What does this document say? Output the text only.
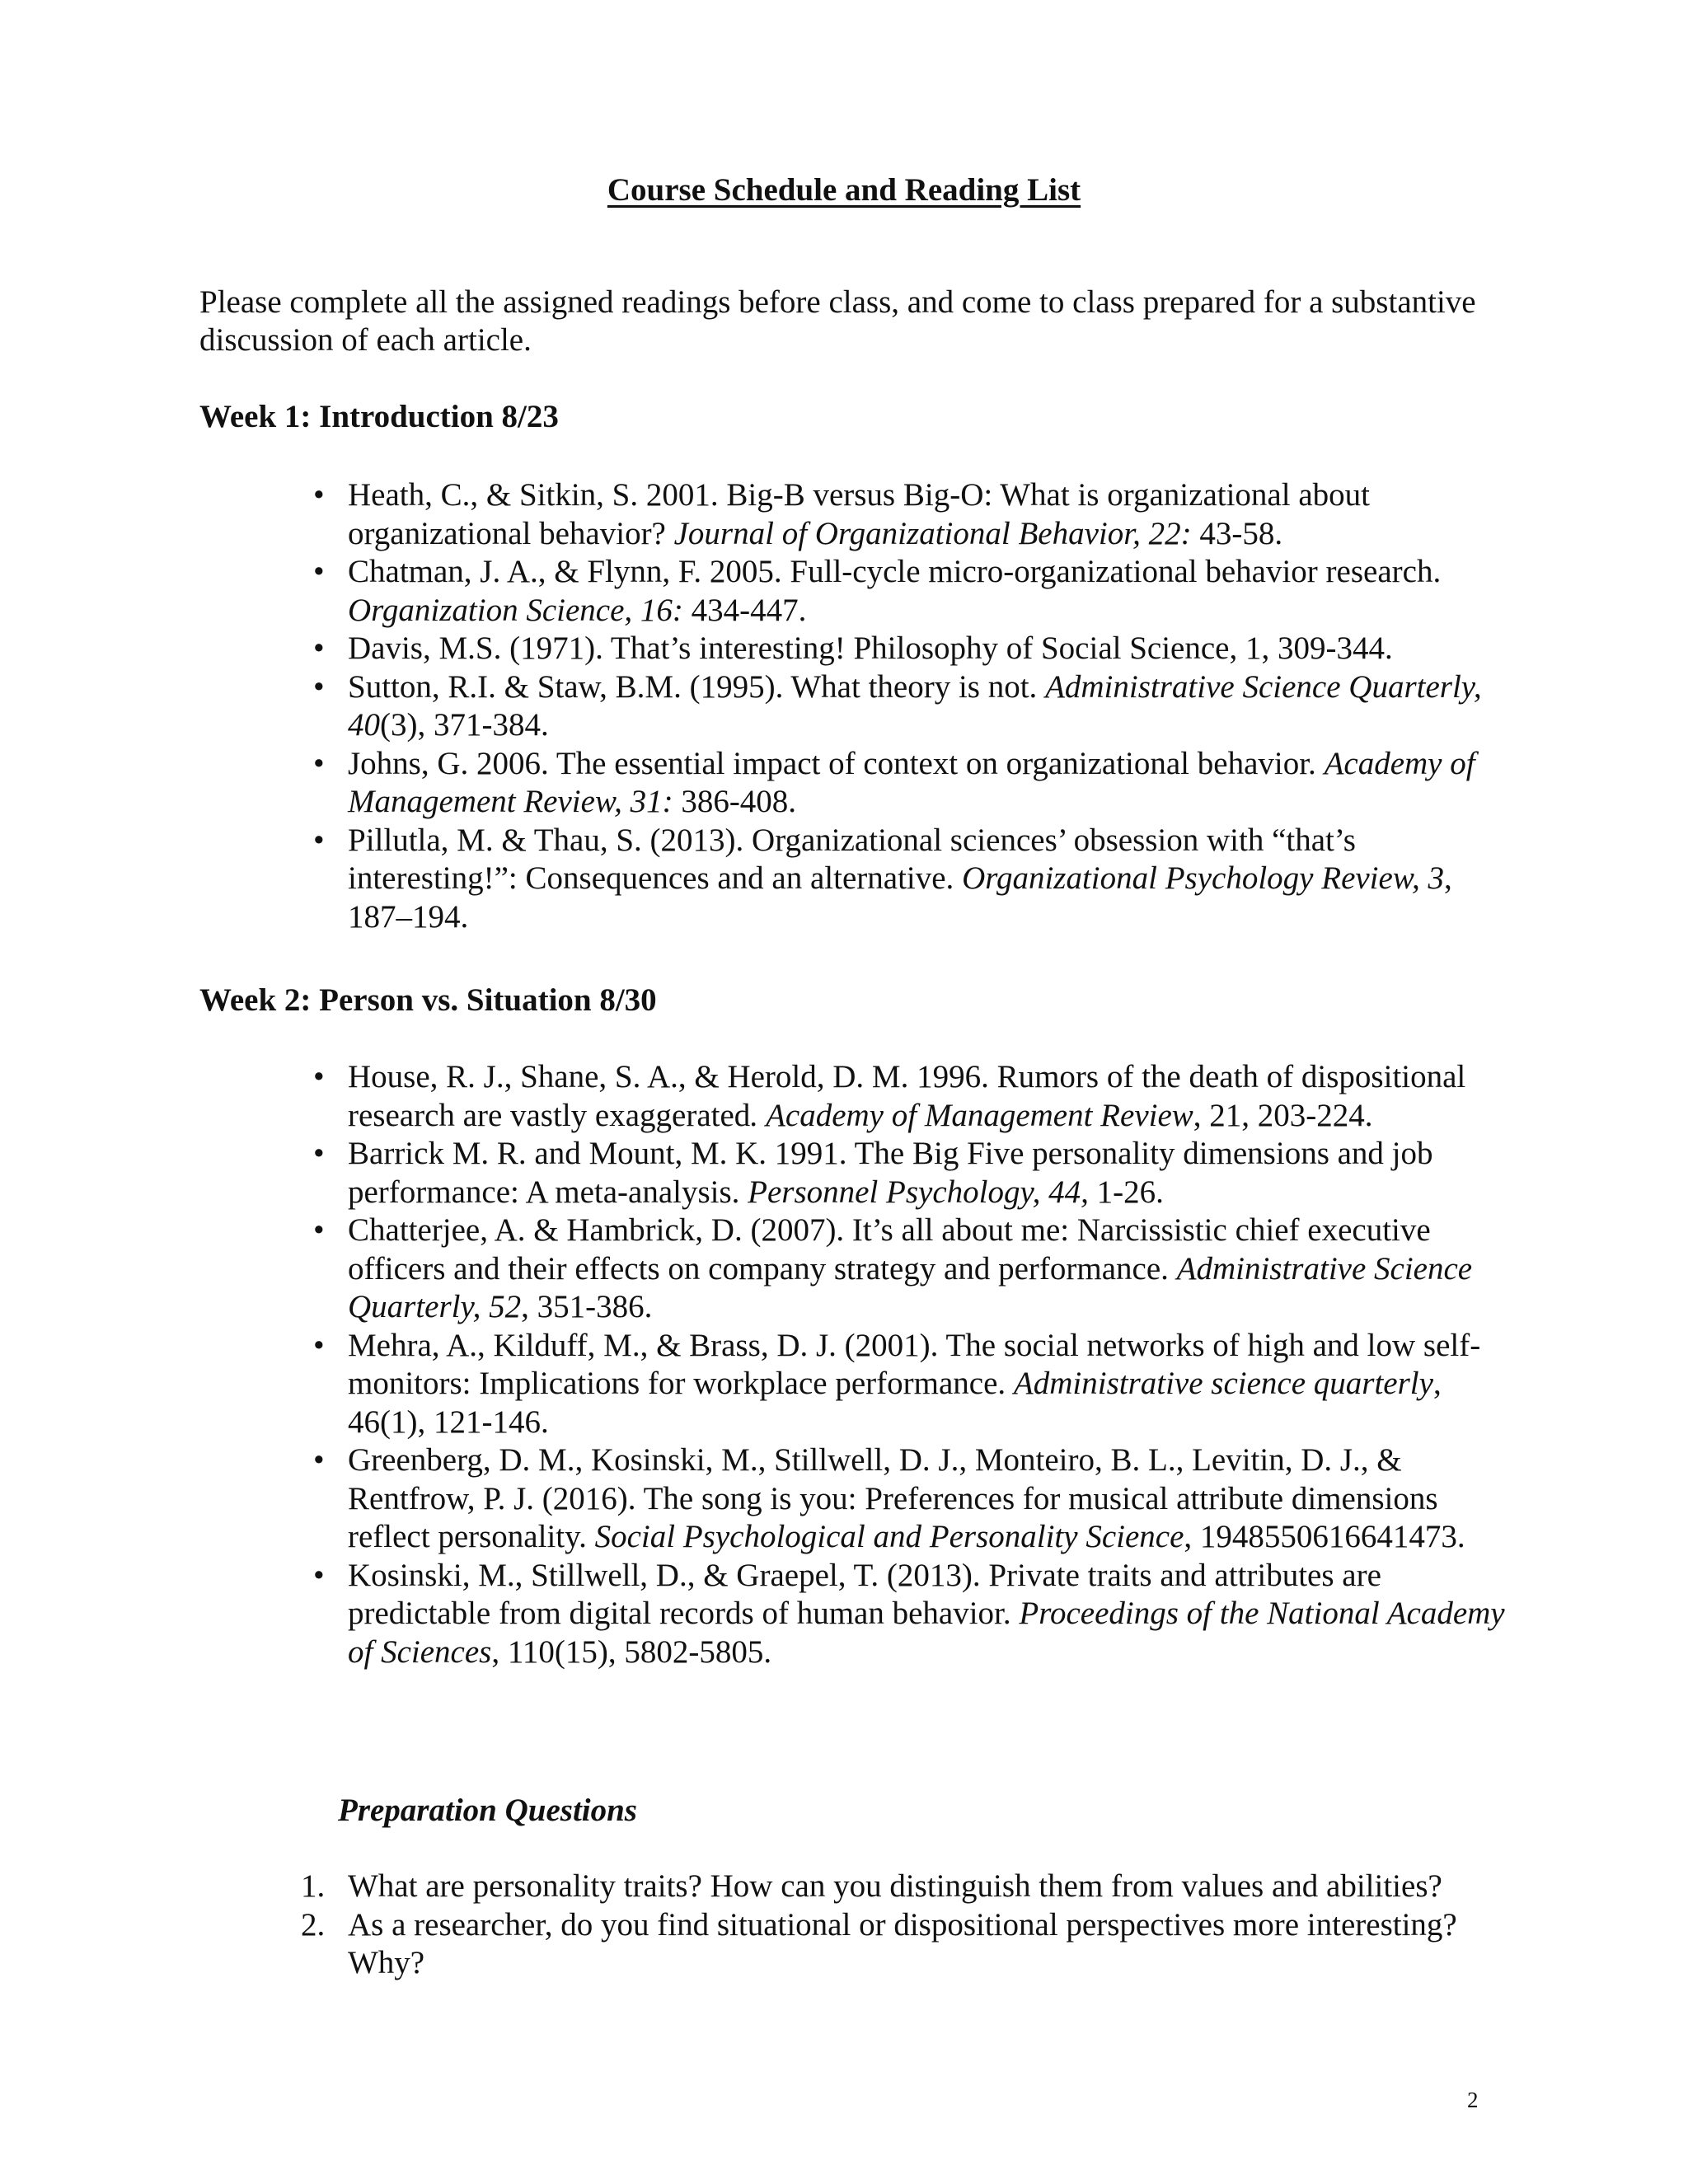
Course Schedule and Reading List
Please complete all the assigned readings before class, and come to class prepared for a substantive discussion of each article.
Week 1: Introduction 8/23
• Heath, C., & Sitkin, S. 2001. Big-B versus Big-O: What is organizational about organizational behavior? Journal of Organizational Behavior, 22: 43-58.
• Chatman, J. A., & Flynn, F. 2005. Full-cycle micro-organizational behavior research. Organization Science, 16: 434-447.
• Davis, M.S. (1971). That’s interesting! Philosophy of Social Science, 1, 309-344.
• Sutton, R.I. & Staw, B.M. (1995). What theory is not. Administrative Science Quarterly, 40(3), 371-384.
• Johns, G. 2006. The essential impact of context on organizational behavior. Academy of Management Review, 31: 386-408.
• Pillutla, M. & Thau, S. (2013). Organizational sciences’ obsession with “that’s interesting!”: Consequences and an alternative. Organizational Psychology Review, 3, 187–194.
Week 2: Person vs. Situation 8/30
• House, R. J., Shane, S. A., & Herold, D. M. 1996. Rumors of the death of dispositional research are vastly exaggerated. Academy of Management Review, 21, 203-224.
• Barrick M. R. and Mount, M. K. 1991. The Big Five personality dimensions and job performance: A meta-analysis. Personnel Psychology, 44, 1-26.
• Chatterjee, A. & Hambrick, D. (2007). It’s all about me: Narcissistic chief executive officers and their effects on company strategy and performance. Administrative Science Quarterly, 52, 351-386.
• Mehra, A., Kilduff, M., & Brass, D. J. (2001). The social networks of high and low self-monitors: Implications for workplace performance. Administrative science quarterly, 46(1), 121-146.
• Greenberg, D. M., Kosinski, M., Stillwell, D. J., Monteiro, B. L., Levitin, D. J., & Rentfrow, P. J. (2016). The song is you: Preferences for musical attribute dimensions reflect personality. Social Psychological and Personality Science, 1948550616641473.
• Kosinski, M., Stillwell, D., & Graepel, T. (2013). Private traits and attributes are predictable from digital records of human behavior. Proceedings of the National Academy of Sciences, 110(15), 5802-5805.
Preparation Questions
1. What are personality traits? How can you distinguish them from values and abilities?
2. As a researcher, do you find situational or dispositional perspectives more interesting? Why?
2
